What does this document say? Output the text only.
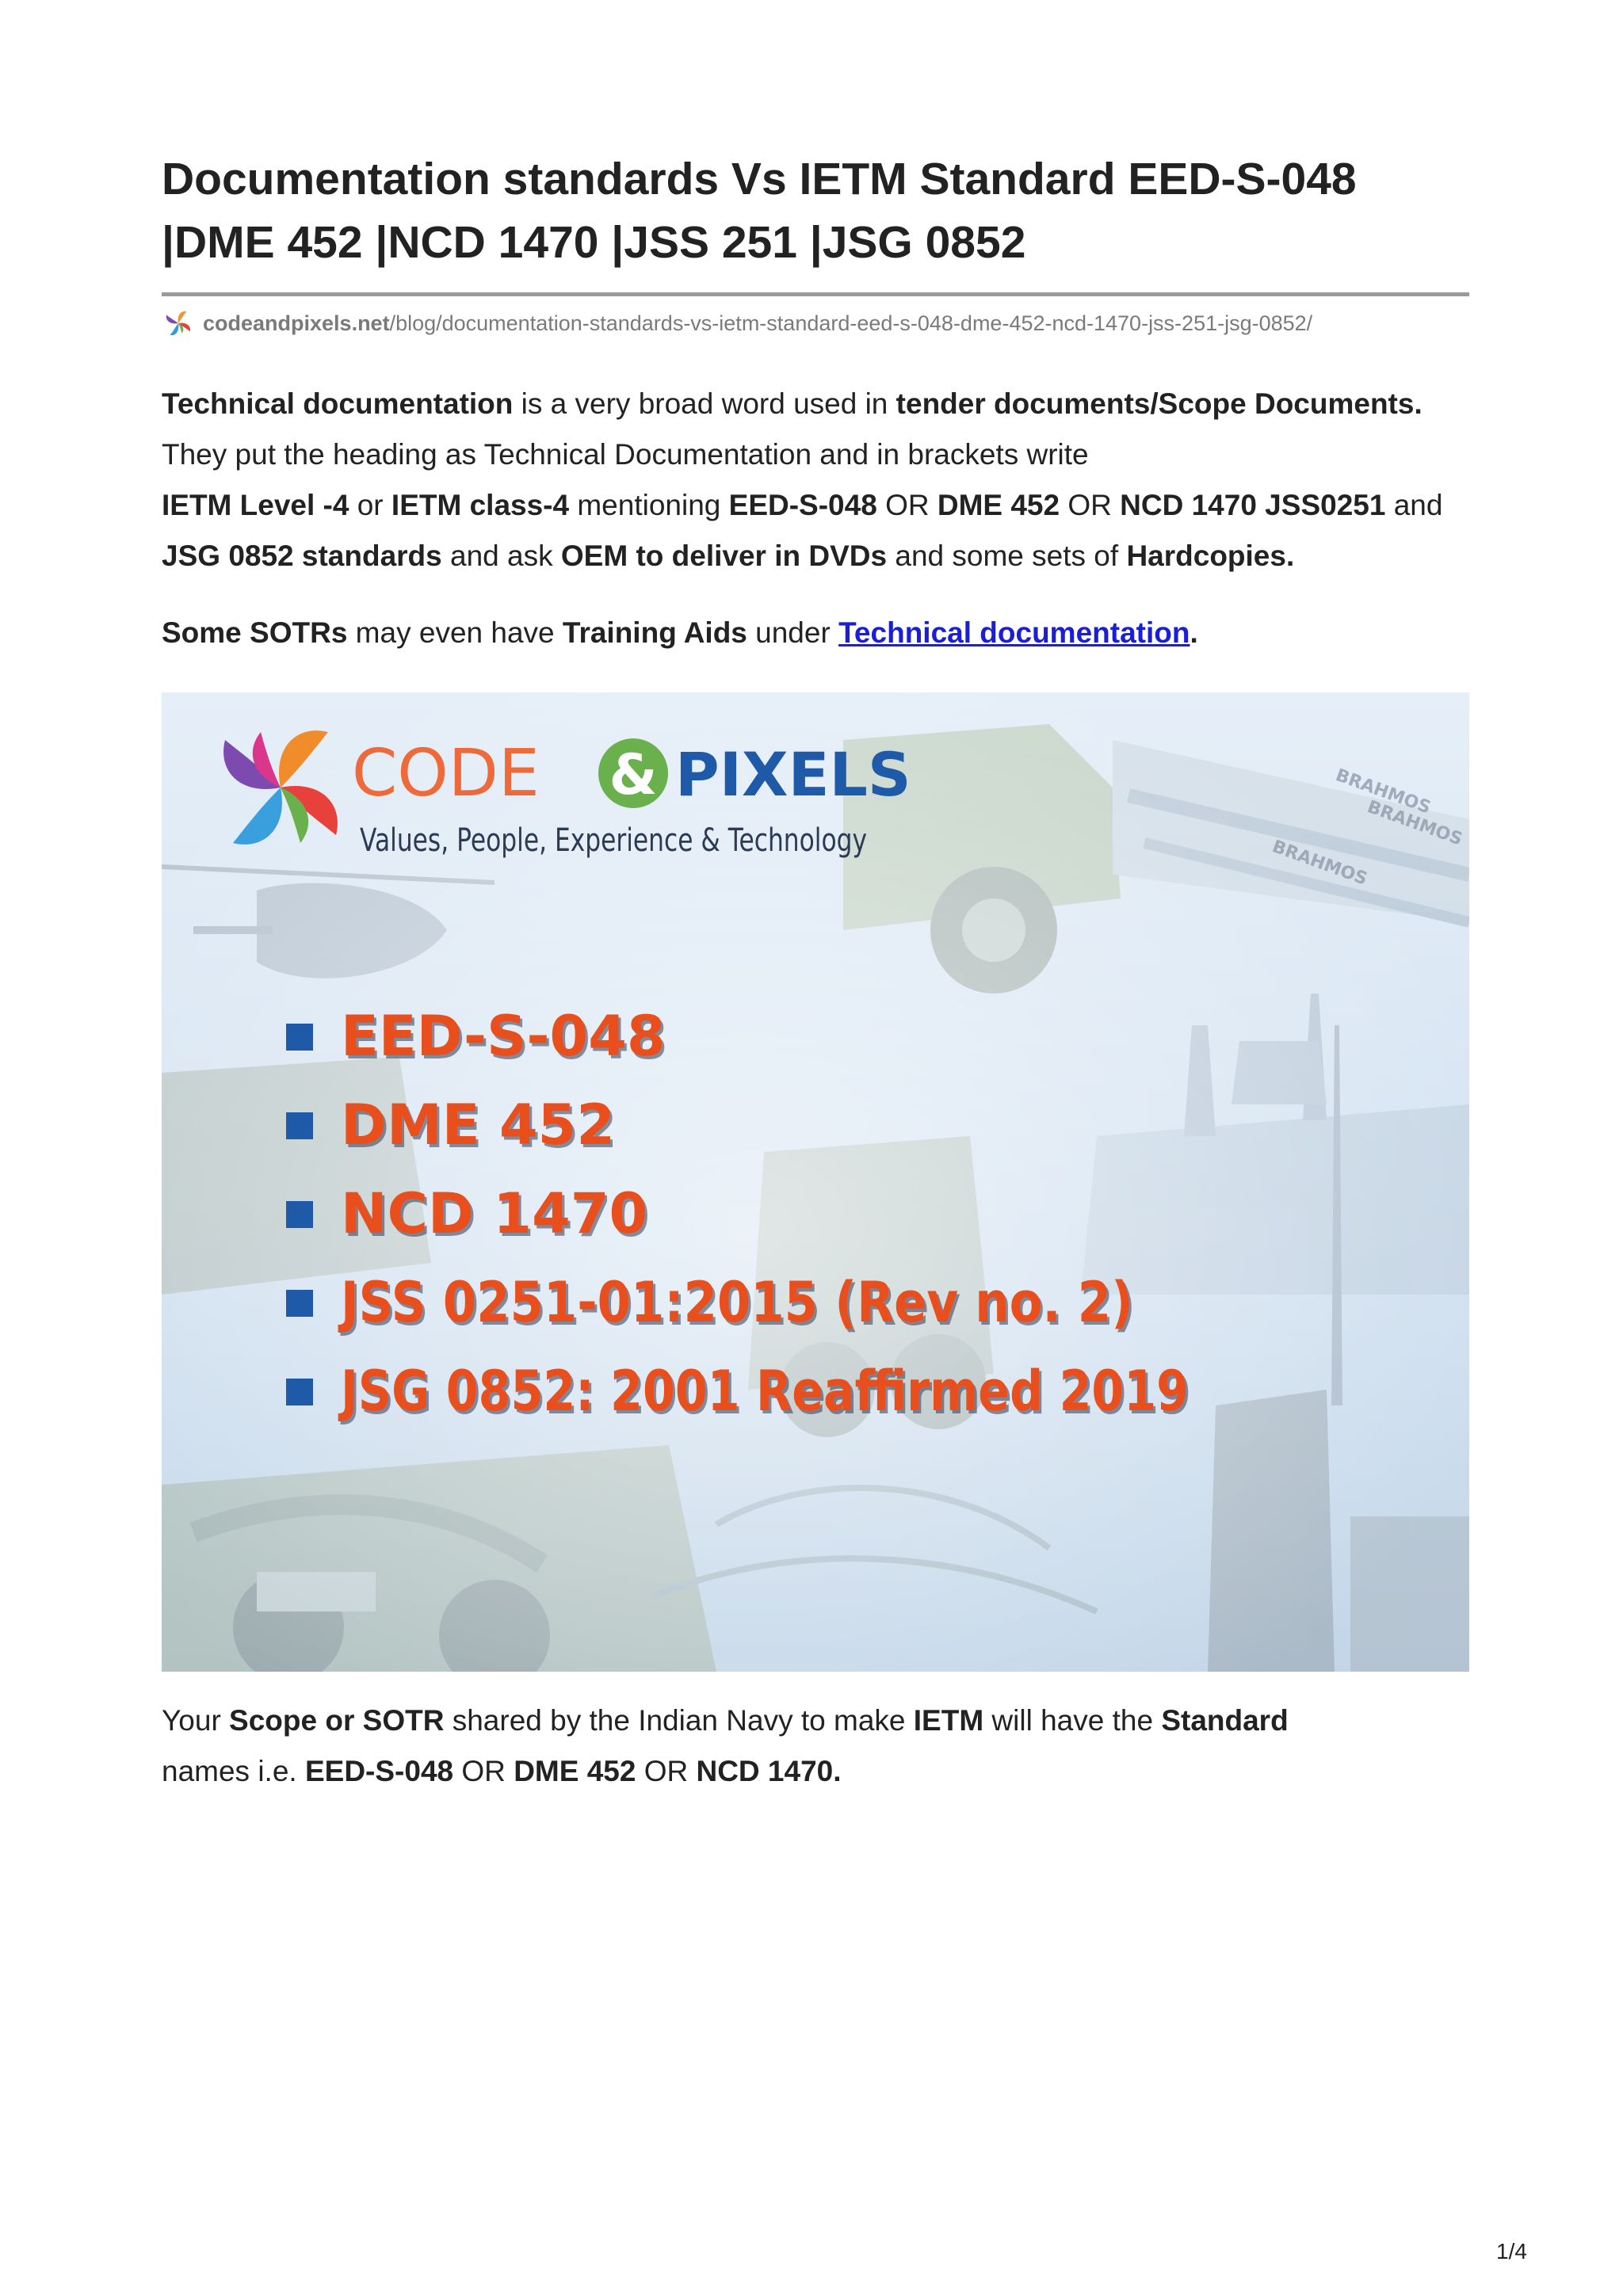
Documentation standards Vs IETM Standard EED-S-048
|DME 452 |NCD 1470 |JSS 251 |JSG 0852
codeandpixels.net /blog/documentation-standards-vs-ietm-standard-eed-s-048-dme-452-ncd-1470-jss-251-jsg-0852/

Technical documentation is a very broad word used in tender documents/Scope Documents.
They put the heading as Technical Documentation and in brackets write
IETM Level -4 or IETM class-4 mentioning EED-S-048 OR DME 452 OR NCD 1470 JSS0251 and JSG 0852 standards and ask OEM to deliver in DVDs and some sets of Hardcopies.

Some SOTRs may even have Training Aids under Technical documentation.

BRAHMOS
BRAHMOS
BRAHMOS
CODE & PIXELS
Values, People, Experience & Technology
EED-S-048
DME 452
NCD 1470
JSS 0251-01:2015 (Rev no. 2)
JSG 0852: 2001 Reaffirmed 2019

Your Scope or SOTR shared by the Indian Navy to make IETM will have the Standard
names i.e. EED-S-048 OR DME 452 OR NCD 1470.

1/4
